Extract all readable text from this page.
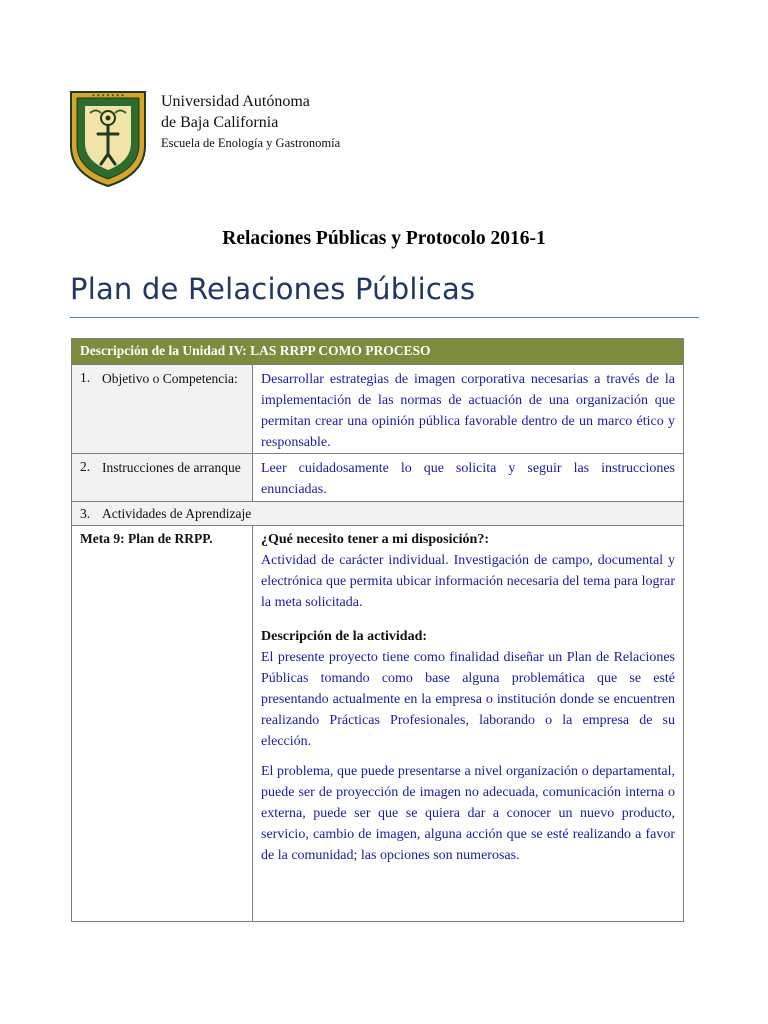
★ ★ ★ ★ ★ ★ ★ Universidad Autónoma
de Baja California
Escuela de Enología y Gastronomía
Relaciones Públicas y Protocolo 2016-1
Plan de Relaciones Públicas
Descripción de la Unidad IV: LAS RRPP COMO PROCESO	

1. Objetivo o Competencia:	Desarrollar estrategias de imagen corporativa necesarias a través de la implementación de las normas de actuación de una organización que permitan crear una opinión pública favorable dentro de un marco ético y responsable.

2. Instrucciones de arranque	Leer cuidadosamente lo que solicita y seguir las instrucciones enunciadas.
3. Actividades de Aprendizaje	
Meta 9: Plan de RRPP.	¿Qué necesito tener a mi disposición?:
Actividad de carácter individual. Investigación de campo, documental y electrónica que permita ubicar información necesaria del tema para lograr la meta solicitada.
Descripción de la actividad:
El presente proyecto tiene como finalidad diseñar un Plan de Relaciones Públicas tomando como base alguna problemática que se esté presentando actualmente en la empresa o institución donde se encuentren realizando Prácticas Profesionales, laborando o la empresa de su elección.
El problema, que puede presentarse a nivel organización o departamental, puede ser de proyección de imagen no adecuada, comunicación interna o externa, puede ser que se quiera dar a conocer un nuevo producto, servicio, cambio de imagen, alguna acción que se esté realizando a favor de la comunidad; las opciones son numerosas.
